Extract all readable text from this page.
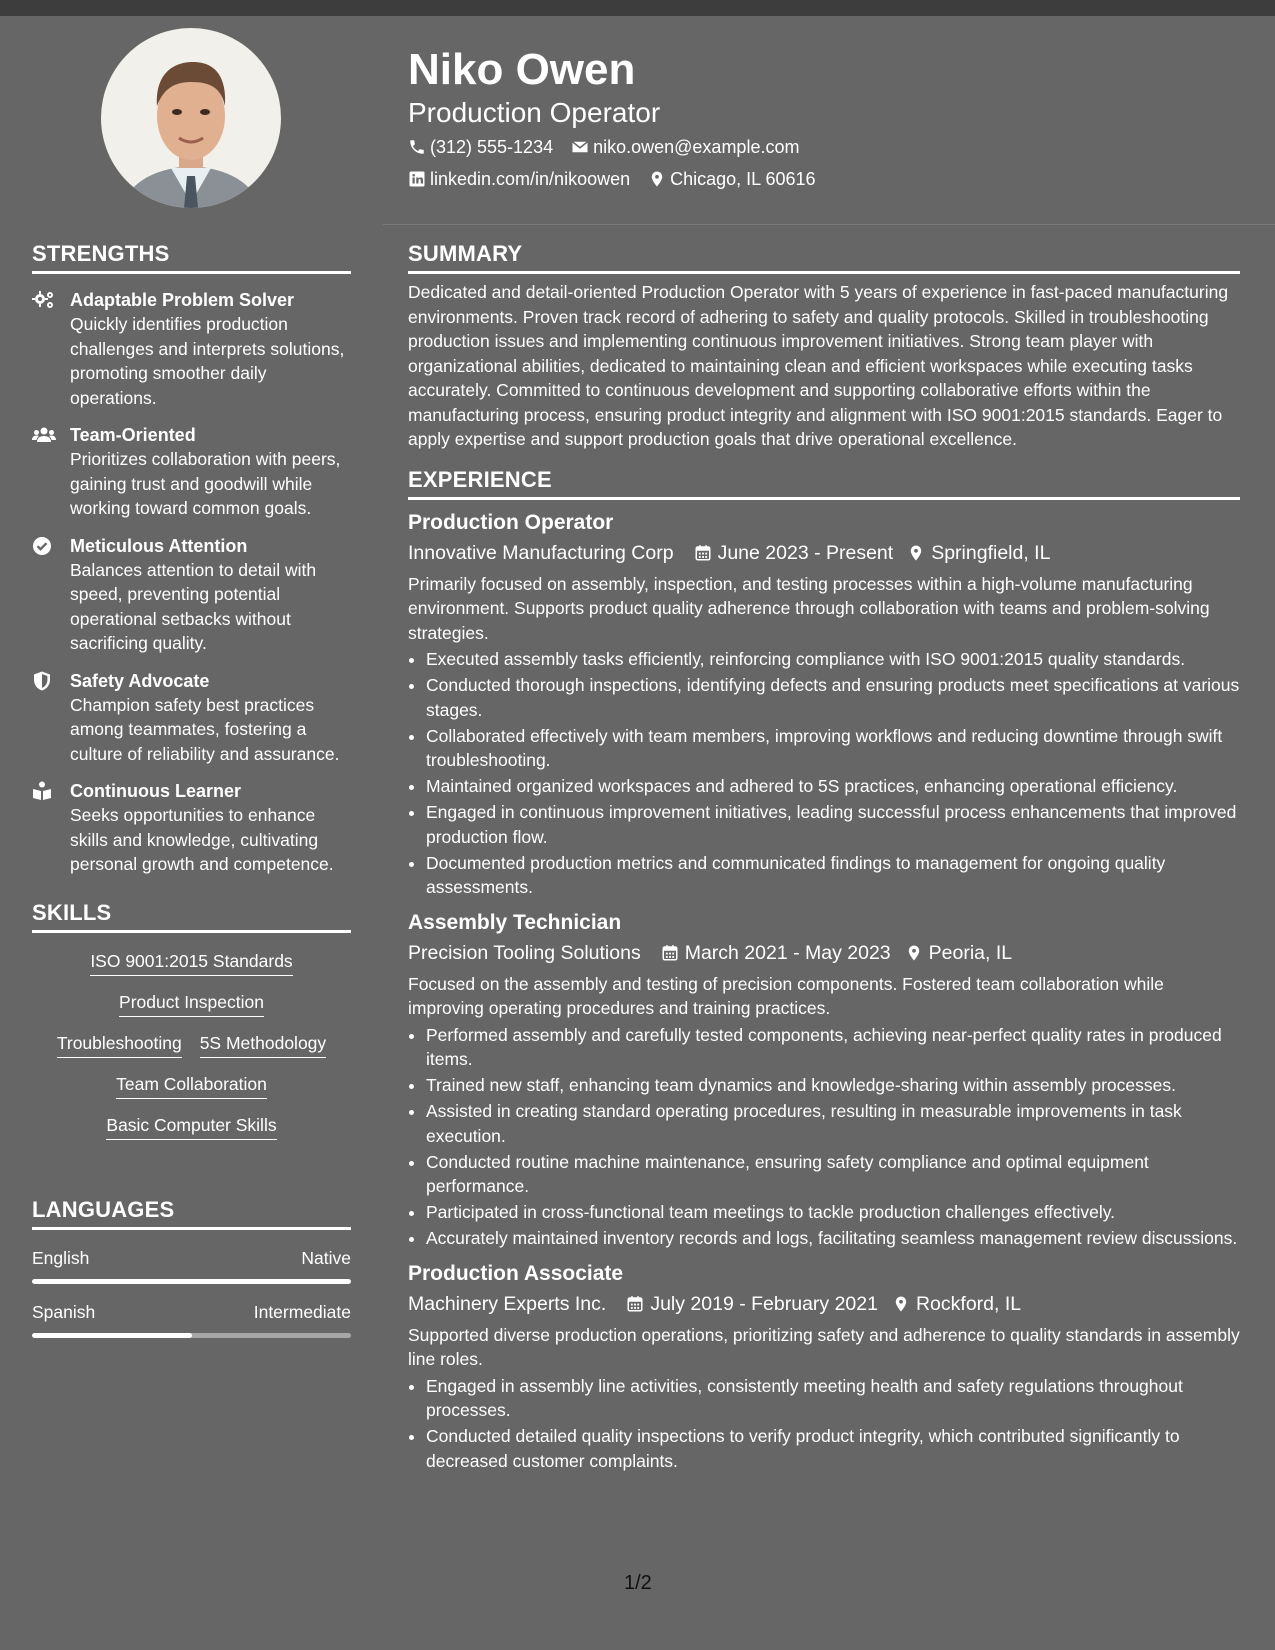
Niko Owen
Production Operator
(312) 555-1234 niko.owen@example.com
linkedin.com/in/nikoowen Chicago, IL 60616
STRENGTHS
Adaptable Problem Solver
Quickly identifies production challenges and interprets solutions, promoting smoother daily operations.
Team-Oriented
Prioritizes collaboration with peers, gaining trust and goodwill while working toward common goals.
Meticulous Attention
Balances attention to detail with speed, preventing potential operational setbacks without sacrificing quality.
Safety Advocate
Champion safety best practices among teammates, fostering a culture of reliability and assurance.
Continuous Learner
Seeks opportunities to enhance skills and knowledge, cultivating personal growth and competence.
SKILLS
ISO 9001:2015 Standards
Product Inspection
Troubleshooting 5S Methodology
Team Collaboration
Basic Computer Skills
LANGUAGES
English	Native
Spanish	Intermediate
SUMMARY
Dedicated and detail-oriented Production Operator with 5 years of experience in fast-paced manufacturing environments. Proven track record of adhering to safety and quality protocols. Skilled in troubleshooting production issues and implementing continuous improvement initiatives. Strong team player with organizational abilities, dedicated to maintaining clean and efficient workspaces while executing tasks accurately. Committed to continuous development and supporting collaborative efforts within the manufacturing process, ensuring product integrity and alignment with ISO 9001:2015 standards. Eager to apply expertise and support production goals that drive operational excellence.
EXPERIENCE
Production Operator
Innovative Manufacturing Corp June 2023 - Present Springfield, IL
Primarily focused on assembly, inspection, and testing processes within a high-volume manufacturing environment. Supports product quality adherence through collaboration with teams and problem-solving strategies.
• Executed assembly tasks efficiently, reinforcing compliance with ISO 9001:2015 quality standards.
• Conducted thorough inspections, identifying defects and ensuring products meet specifications at various stages.
• Collaborated effectively with team members, improving workflows and reducing downtime through swift troubleshooting.
• Maintained organized workspaces and adhered to 5S practices, enhancing operational efficiency.
• Engaged in continuous improvement initiatives, leading successful process enhancements that improved production flow.
• Documented production metrics and communicated findings to management for ongoing quality assessments.
Assembly Technician
Precision Tooling Solutions March 2021 - May 2023 Peoria, IL
Focused on the assembly and testing of precision components. Fostered team collaboration while improving operating procedures and training practices.
• Performed assembly and carefully tested components, achieving near-perfect quality rates in produced items.
• Trained new staff, enhancing team dynamics and knowledge-sharing within assembly processes.
• Assisted in creating standard operating procedures, resulting in measurable improvements in task execution.
• Conducted routine machine maintenance, ensuring safety compliance and optimal equipment performance.
• Participated in cross-functional team meetings to tackle production challenges effectively.
• Accurately maintained inventory records and logs, facilitating seamless management review discussions.
Production Associate
Machinery Experts Inc. July 2019 - February 2021 Rockford, IL
Supported diverse production operations, prioritizing safety and adherence to quality standards in assembly line roles.
• Engaged in assembly line activities, consistently meeting health and safety regulations throughout processes.
• Conducted detailed quality inspections to verify product integrity, which contributed significantly to decreased customer complaints.
1/2
